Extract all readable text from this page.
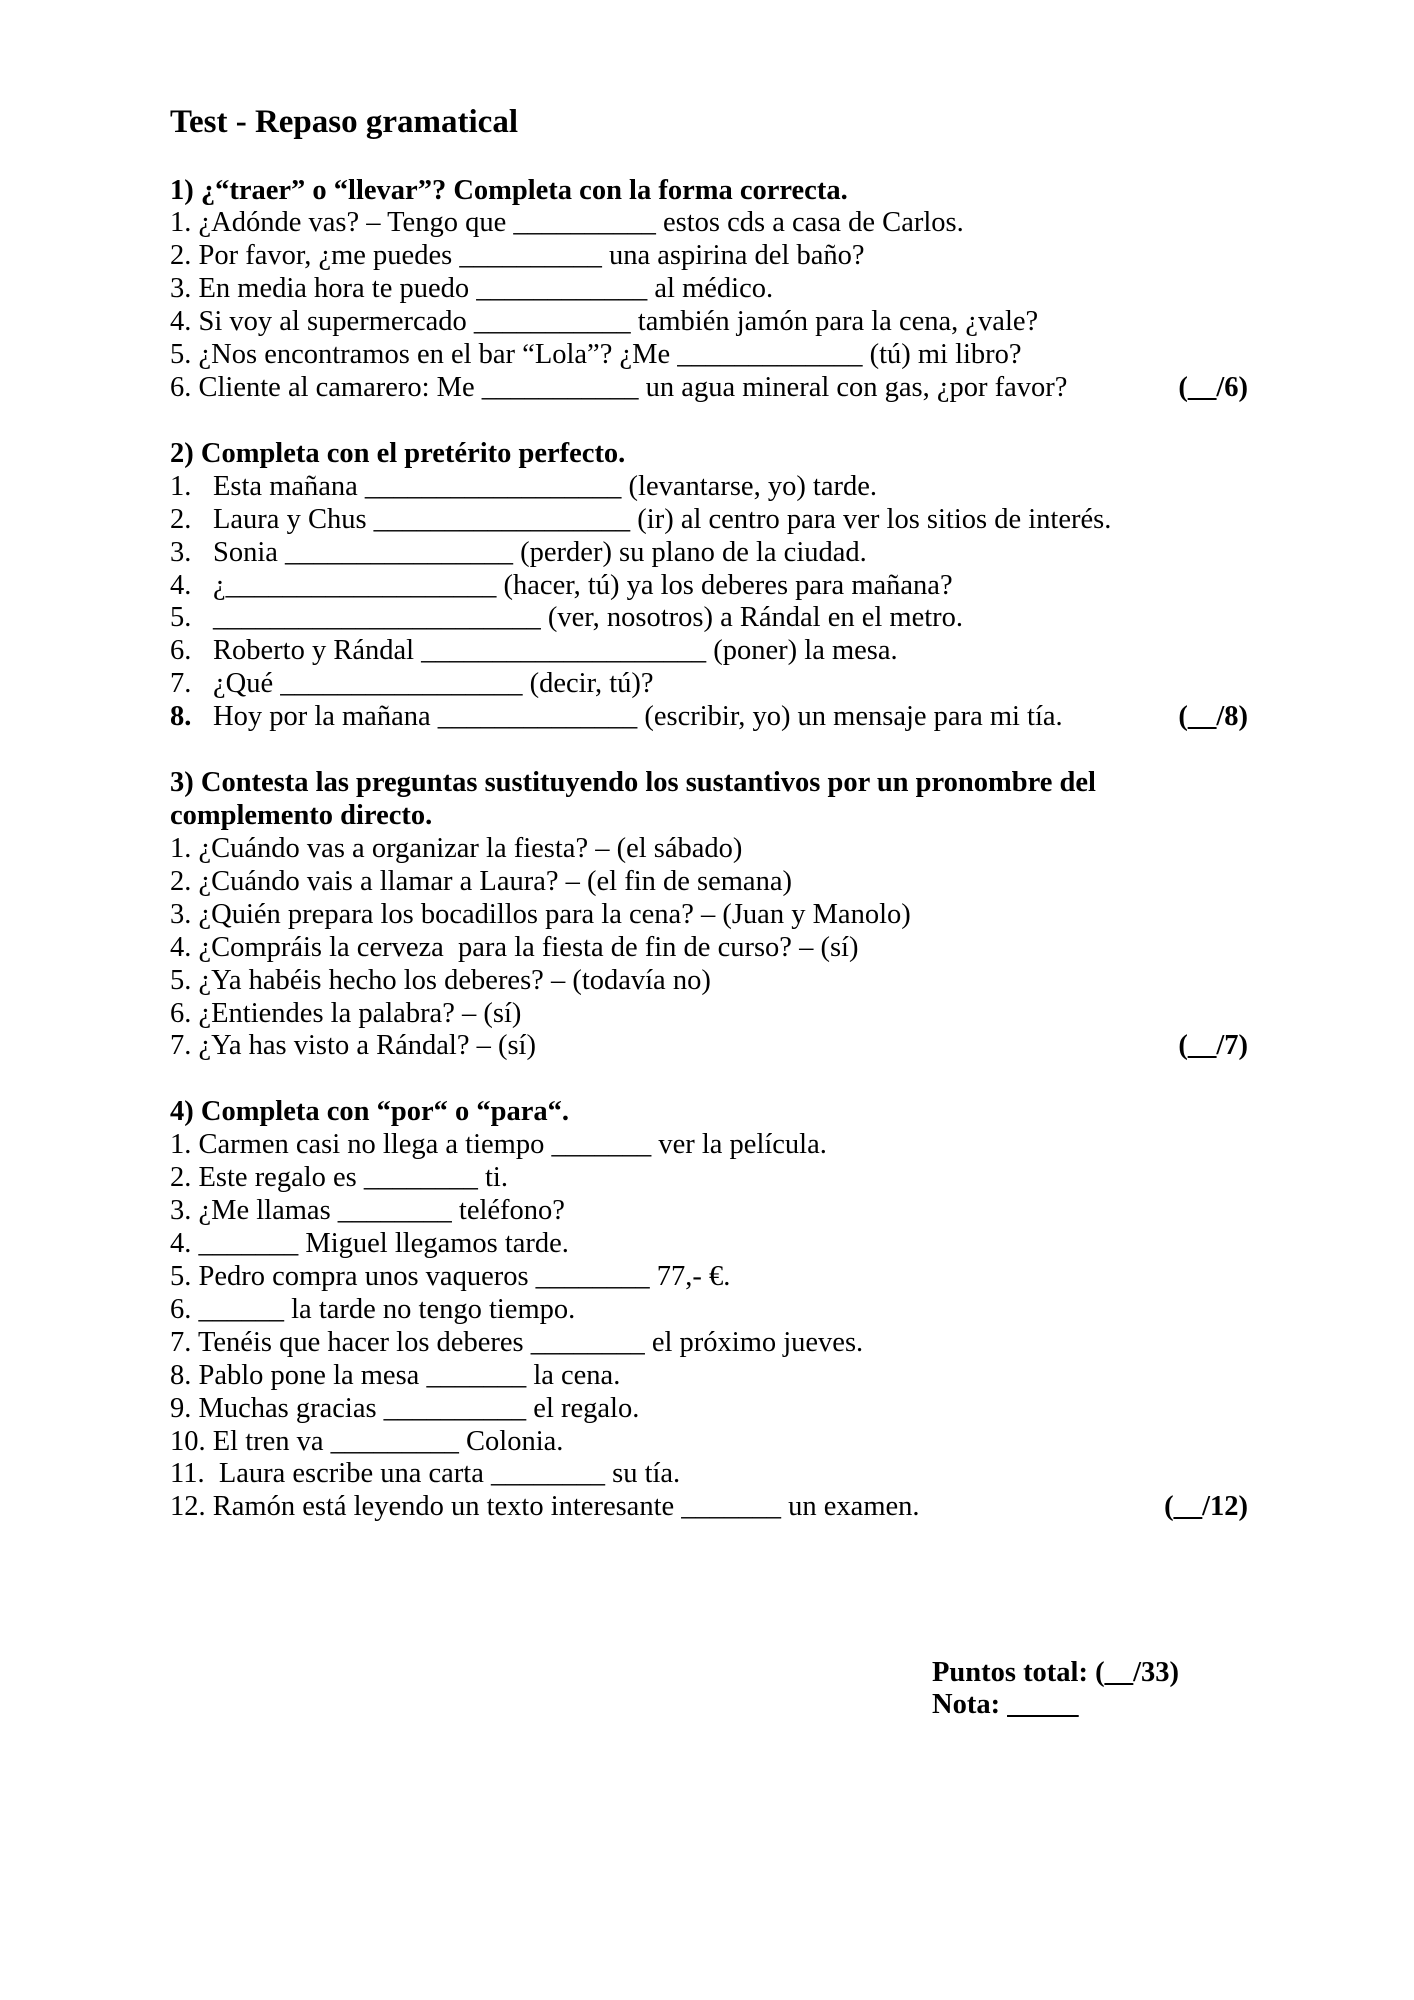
Test - Repaso gramatical
1) ¿“traer” o “llevar”? Completa con la forma correcta.
1. ¿Adónde vas? – Tengo que __________ estos cds a casa de Carlos.
2. Por favor, ¿me puedes __________ una aspirina del baño?
3. En media hora te puedo ____________ al médico.
4. Si voy al supermercado ___________ también jamón para la cena, ¿vale?
5. ¿Nos encontramos en el bar “Lola”? ¿Me _____________ (tú) mi libro?
6. Cliente al camarero: Me ___________ un agua mineral con gas, ¿por favor?	(__/6)
2) Completa con el pretérito perfecto.
1. Esta mañana __________________ (levantarse, yo) tarde.
2. Laura y Chus __________________ (ir) al centro para ver los sitios de interés.
3. Sonia ________________ (perder) su plano de la ciudad.
4. ¿___________________ (hacer, tú) ya los deberes para mañana?
5. _______________________ (ver, nosotros) a Rándal en el metro.
6. Roberto y Rándal ____________________ (poner) la mesa.
7. ¿Qué _________________ (decir, tú)?
8. Hoy por la mañana ______________ (escribir, yo) un mensaje para mi tía.	(__/8)
3) Contesta las preguntas sustituyendo los sustantivos por un pronombre del
complemento directo.
1. ¿Cuándo vas a organizar la fiesta? – (el sábado)
2. ¿Cuándo vais a llamar a Laura? – (el fin de semana)
3. ¿Quién prepara los bocadillos para la cena? – (Juan y Manolo)
4. ¿Compráis la cerveza  para la fiesta de fin de curso? – (sí)
5. ¿Ya habéis hecho los deberes? – (todavía no)
6. ¿Entiendes la palabra? – (sí)
7. ¿Ya has visto a Rándal? – (sí)	(__/7)
4) Completa con “por“ o “para“.
1. Carmen casi no llega a tiempo _______ ver la película.
2. Este regalo es ________ ti.
3. ¿Me llamas ________ teléfono?
4. _______ Miguel llegamos tarde.
5. Pedro compra unos vaqueros ________ 77,- €.
6. ______ la tarde no tengo tiempo.
7. Tenéis que hacer los deberes ________ el próximo jueves.
8. Pablo pone la mesa _______ la cena.
9. Muchas gracias __________ el regalo.
10. El tren va _________ Colonia.
11.  Laura escribe una carta ________ su tía.
12. Ramón está leyendo un texto interesante _______ un examen.	(__/12)
Puntos total: (__/33)
Nota: _____
